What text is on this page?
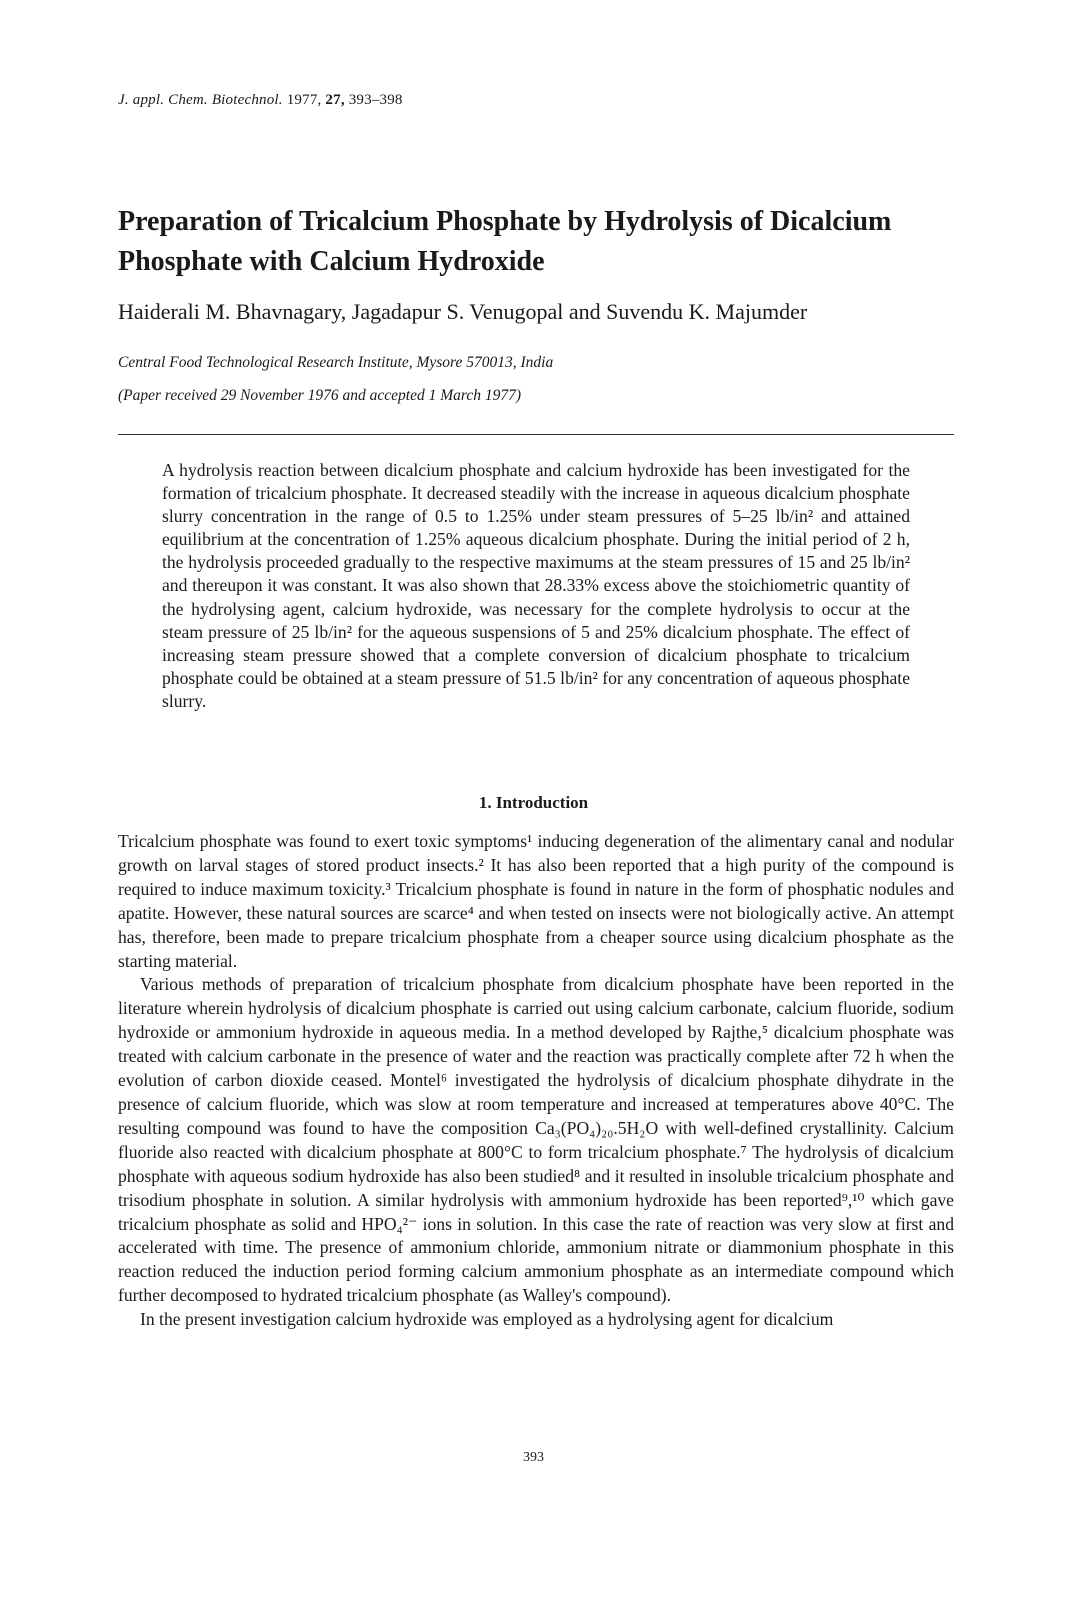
J. appl. Chem. Biotechnol. 1977, 27, 393–398
Preparation of Tricalcium Phosphate by Hydrolysis of Dicalcium Phosphate with Calcium Hydroxide
Haiderali M. Bhavnagary, Jagadapur S. Venugopal and Suvendu K. Majumder
Central Food Technological Research Institute, Mysore 570013, India
(Paper received 29 November 1976 and accepted 1 March 1977)

A hydrolysis reaction between dicalcium phosphate and calcium hydroxide has been investigated for the formation of tricalcium phosphate. It decreased steadily with the increase in aqueous dicalcium phosphate slurry concentration in the range of 0.5 to 1.25% under steam pressures of 5–25 lb/in² and attained equilibrium at the concentration of 1.25% aqueous dicalcium phosphate. During the initial period of 2 h, the hydrolysis proceeded gradually to the respective maximums at the steam pressures of 15 and 25 lb/in² and thereupon it was constant. It was also shown that 28.33% excess above the stoichiometric quantity of the hydrolysing agent, calcium hydroxide, was necessary for the complete hydrolysis to occur at the steam pressure of 25 lb/in² for the aqueous suspensions of 5 and 25% dicalcium phosphate. The effect of increasing steam pressure showed that a complete conversion of dicalcium phosphate to tricalcium phosphate could be obtained at a steam pressure of 51.5 lb/in² for any concentration of aqueous phosphate slurry.

1. Introduction

Tricalcium phosphate was found to exert toxic symptoms¹ inducing degeneration of the alimentary canal and nodular growth on larval stages of stored product insects.² It has also been reported that a high purity of the compound is required to induce maximum toxicity.³ Tricalcium phosphate is found in nature in the form of phosphatic nodules and apatite. However, these natural sources are scarce⁴ and when tested on insects were not biologically active. An attempt has, therefore, been made to prepare tricalcium phosphate from a cheaper source using dicalcium phosphate as the starting material.

Various methods of preparation of tricalcium phosphate from dicalcium phosphate have been reported in the literature wherein hydrolysis of dicalcium phosphate is carried out using calcium carbonate, calcium fluoride, sodium hydroxide or ammonium hydroxide in aqueous media. In a method developed by Rajthe,⁵ dicalcium phosphate was treated with calcium carbonate in the presence of water and the reaction was practically complete after 72 h when the evolution of carbon dioxide ceased. Montel⁶ investigated the hydrolysis of dicalcium phosphate dihydrate in the presence of calcium fluoride, which was slow at room temperature and increased at temperatures above 40°C. The resulting compound was found to have the composition Ca₃(PO₄)₂₀.5H₂O with well-defined crystallinity. Calcium fluoride also reacted with dicalcium phosphate at 800°C to form tricalcium phosphate.⁷ The hydrolysis of dicalcium phosphate with aqueous sodium hydroxide has also been studied⁸ and it resulted in insoluble tricalcium phosphate and trisodium phosphate in solution. A similar hydrolysis with ammonium hydroxide has been reported⁹,¹⁰ which gave tricalcium phosphate as solid and HPO₄²⁻ ions in solution. In this case the rate of reaction was very slow at first and accelerated with time. The presence of ammonium chloride, ammonium nitrate or diammonium phosphate in this reaction reduced the induction period forming calcium ammonium phosphate as an intermediate compound which further decomposed to hydrated tricalcium phosphate (as Walley's compound).

In the present investigation calcium hydroxide was employed as a hydrolysing agent for dicalcium

393
